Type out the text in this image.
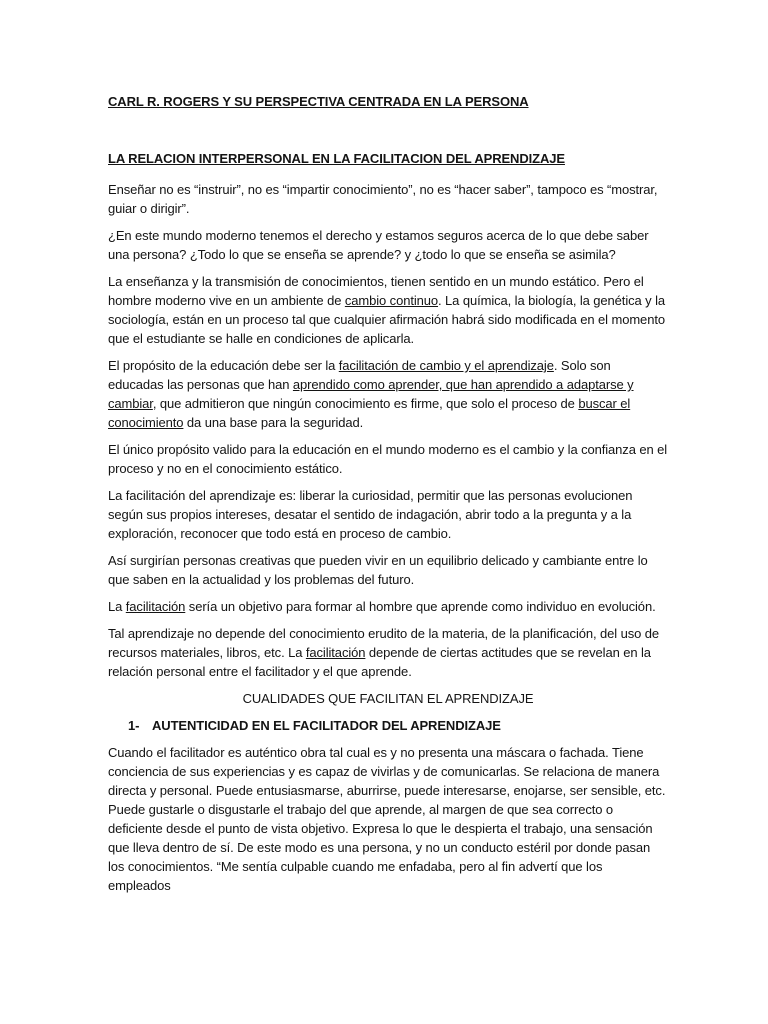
CARL R. ROGERS Y SU PERSPECTIVA CENTRADA EN LA PERSONA

LA RELACION INTERPERSONAL EN LA FACILITACION DEL APRENDIZAJE

Enseñar no es “instruir”, no es “impartir conocimiento”, no es “hacer saber”, tampoco es “mostrar, guiar o dirigir”.

¿En este mundo moderno tenemos el derecho y estamos seguros acerca de lo que debe saber una persona? ¿Todo lo que se enseña se aprende? y ¿todo lo que se enseña se asimila?

La enseñanza y la transmisión de conocimientos, tienen sentido en un mundo estático. Pero el hombre moderno vive en un ambiente de cambio continuo. La química, la biología, la genética y la sociología, están en un proceso tal que cualquier afirmación habrá sido modificada en el momento que el estudiante se halle en condiciones de aplicarla.

El propósito de la educación debe ser la facilitación de cambio y el aprendizaje. Solo son educadas las personas que han aprendido como aprender, que han aprendido a adaptarse y cambiar, que admitieron que ningún conocimiento es firme, que solo el proceso de buscar el conocimiento da una base para la seguridad.

El único propósito valido para la educación en el mundo moderno es el cambio y la confianza en el proceso y no en el conocimiento estático.

La facilitación del aprendizaje es: liberar la curiosidad, permitir que las personas evolucionen según sus propios intereses, desatar el sentido de indagación, abrir todo a la pregunta y a la exploración, reconocer que todo está en proceso de cambio.

Así surgirían personas creativas que pueden vivir en un equilibrio delicado y cambiante entre lo que saben en la actualidad y los problemas del futuro.

La facilitación sería un objetivo para formar al hombre que aprende como individuo en evolución.

Tal aprendizaje no depende del conocimiento erudito de la materia, de la planificación, del uso de recursos materiales, libros, etc. La facilitación depende de ciertas actitudes que se revelan en la relación personal entre el facilitador y el que aprende.

CUALIDADES QUE FACILITAN EL APRENDIZAJE

1- AUTENTICIDAD EN EL FACILITADOR DEL APRENDIZAJE

Cuando el facilitador es auténtico obra tal cual es y no presenta una máscara o fachada. Tiene conciencia de sus experiencias y es capaz de vivirlas y de comunicarlas. Se relaciona de manera directa y personal. Puede entusiasmarse, aburrirse, puede interesarse, enojarse, ser sensible, etc. Puede gustarle o disgustarle el trabajo del que aprende, al margen de que sea correcto o deficiente desde el punto de vista objetivo. Expresa lo que le despierta el trabajo, una sensación que lleva dentro de sí. De este modo es una persona, y no un conducto estéril por donde pasan los conocimientos. “Me sentía culpable cuando me enfadaba, pero al fin advertí que los empleados
